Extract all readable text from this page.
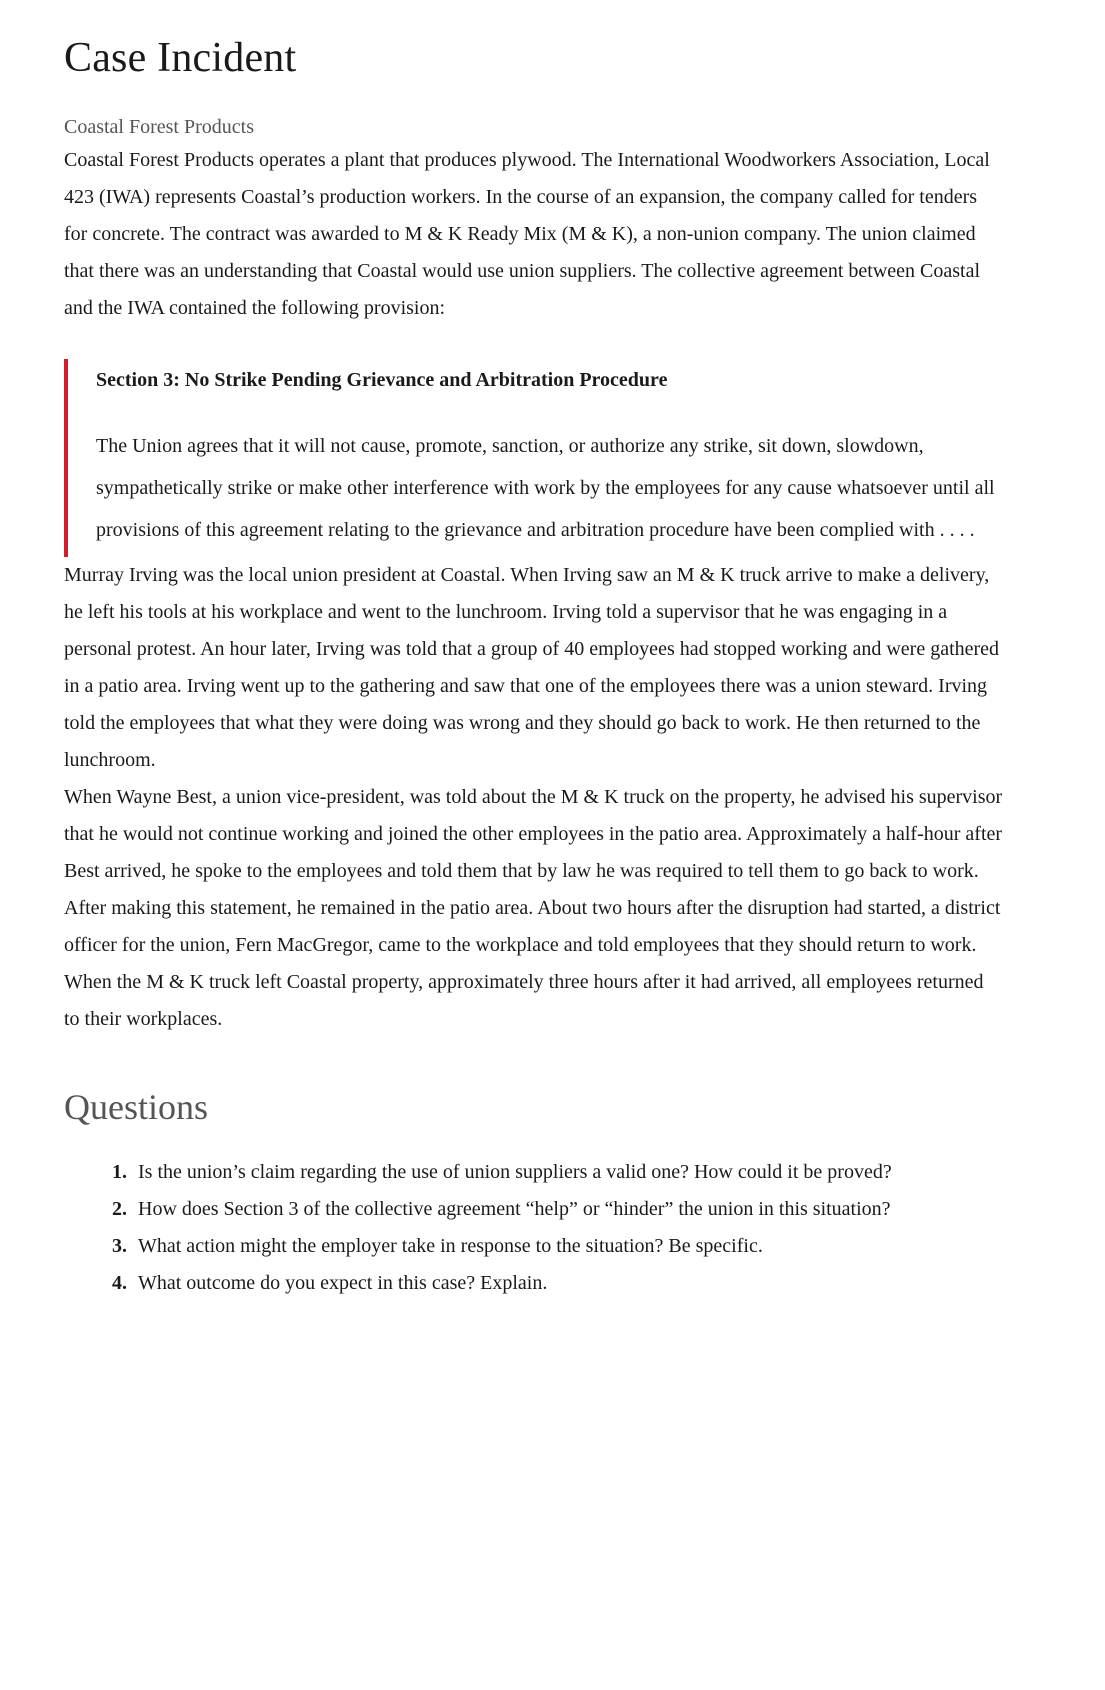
Case Incident
Coastal Forest Products

Coastal Forest Products operates a plant that produces plywood. The International Woodworkers Association, Local 423 (IWA) represents Coastal’s production workers. In the course of an expansion, the company called for tenders for concrete. The contract was awarded to M & K Ready Mix (M & K), a non-union company. The union claimed that there was an understanding that Coastal would use union suppliers. The collective agreement between Coastal and the IWA contained the following provision:

Section 3: No Strike Pending Grievance and Arbitration Procedure

The Union agrees that it will not cause, promote, sanction, or authorize any strike, sit down, slowdown, sympathetically strike or make other interference with work by the employees for any cause whatsoever until all provisions of this agreement relating to the grievance and arbitration procedure have been complied with . . . .

Murray Irving was the local union president at Coastal. When Irving saw an M & K truck arrive to make a delivery, he left his tools at his workplace and went to the lunchroom. Irving told a supervisor that he was engaging in a personal protest. An hour later, Irving was told that a group of 40 employees had stopped working and were gathered in a patio area. Irving went up to the gathering and saw that one of the employees there was a union steward. Irving told the employees that what they were doing was wrong and they should go back to work. He then returned to the lunchroom.

When Wayne Best, a union vice-president, was told about the M & K truck on the property, he advised his supervisor that he would not continue working and joined the other employees in the patio area. Approximately a half-hour after Best arrived, he spoke to the employees and told them that by law he was required to tell them to go back to work. After making this statement, he remained in the patio area. About two hours after the disruption had started, a district officer for the union, Fern MacGregor, came to the workplace and told employees that they should return to work.

When the M & K truck left Coastal property, approximately three hours after it had arrived, all employees returned to their workplaces.

Questions
1. Is the union’s claim regarding the use of union suppliers a valid one? How could it be proved?
2. How does Section 3 of the collective agreement “help” or “hinder” the union in this situation?
3. What action might the employer take in response to the situation? Be specific.
4. What outcome do you expect in this case? Explain.
